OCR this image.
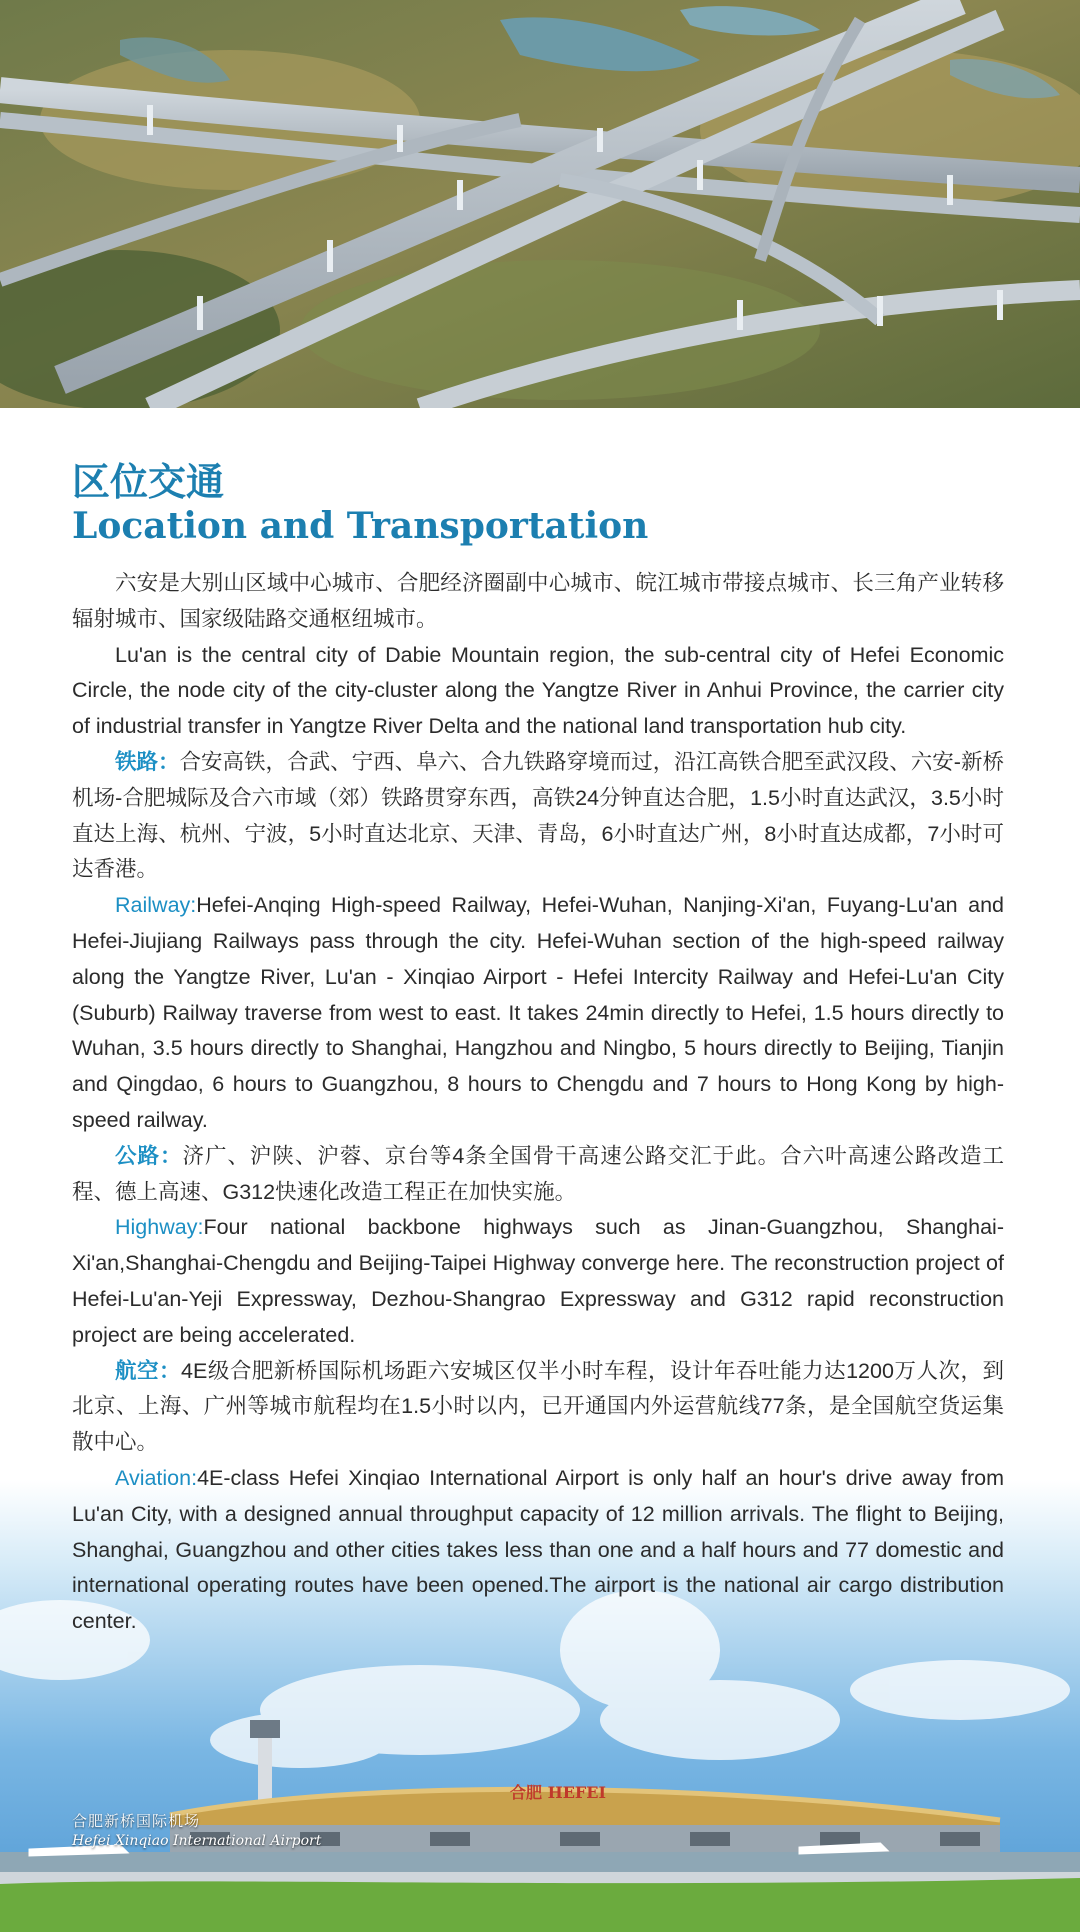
合肥 HEFEI
合肥新桥国际机场
Hefei Xinqiao International Airport
区位交通
Location and Transportation

六安是大别山区域中心城市、合肥经济圈副中心城市、皖江城市带接点城市、长三角产业转移辐射城市、国家级陆路交通枢纽城市。

Lu'an is the central city of Dabie Mountain region, the sub-central city of Hefei Economic Circle, the node city of the city-cluster along the Yangtze River in Anhui Province, the carrier city of industrial transfer in Yangtze River Delta and the national land transportation hub city.

铁路：合安高铁，合武、宁西、阜六、合九铁路穿境而过，沿江高铁合肥至武汉段、六安-新桥机场-合肥城际及合六市域（郊）铁路贯穿东西，高铁24分钟直达合肥，1.5小时直达武汉，3.5小时直达上海、杭州、宁波，5小时直达北京、天津、青岛，6小时直达广州，8小时直达成都，7小时可达香港。

Railway:Hefei-Anqing High-speed Railway, Hefei-Wuhan, Nanjing-Xi'an, Fuyang-Lu'an and Hefei-Jiujiang Railways pass through the city. Hefei-Wuhan section of the high-speed railway along the Yangtze River, Lu'an - Xinqiao Airport - Hefei Intercity Railway and Hefei-Lu'an City (Suburb) Railway traverse from west to east. It takes 24min directly to Hefei, 1.5 hours directly to Wuhan, 3.5 hours directly to Shanghai, Hangzhou and Ningbo, 5 hours directly to Beijing, Tianjin and Qingdao, 6 hours to Guangzhou, 8 hours to Chengdu and 7 hours to Hong Kong by high-speed railway.

公路：济广、沪陕、沪蓉、京台等4条全国骨干高速公路交汇于此。合六叶高速公路改造工程、德上高速、G312快速化改造工程正在加快实施。

Highway:Four national backbone highways such as Jinan-Guangzhou, Shanghai-Xi'an,Shanghai-Chengdu and Beijing-Taipei Highway converge here. The reconstruction project of Hefei-Lu'an-Yeji Expressway, Dezhou-Shangrao Expressway and G312 rapid reconstruction project are being accelerated.

航空：4E级合肥新桥国际机场距六安城区仅半小时车程，设计年吞吐能力达1200万人次，到北京、上海、广州等城市航程均在1.5小时以内，已开通国内外运营航线77条，是全国航空货运集散中心。

Aviation:4E-class Hefei Xinqiao International Airport is only half an hour's drive away from Lu'an City, with a designed annual throughput capacity of 12 million arrivals. The flight to Beijing, Shanghai, Guangzhou and other cities takes less than one and a half hours and 77 domestic and international operating routes have been opened.The airport is the national air cargo distribution center.
